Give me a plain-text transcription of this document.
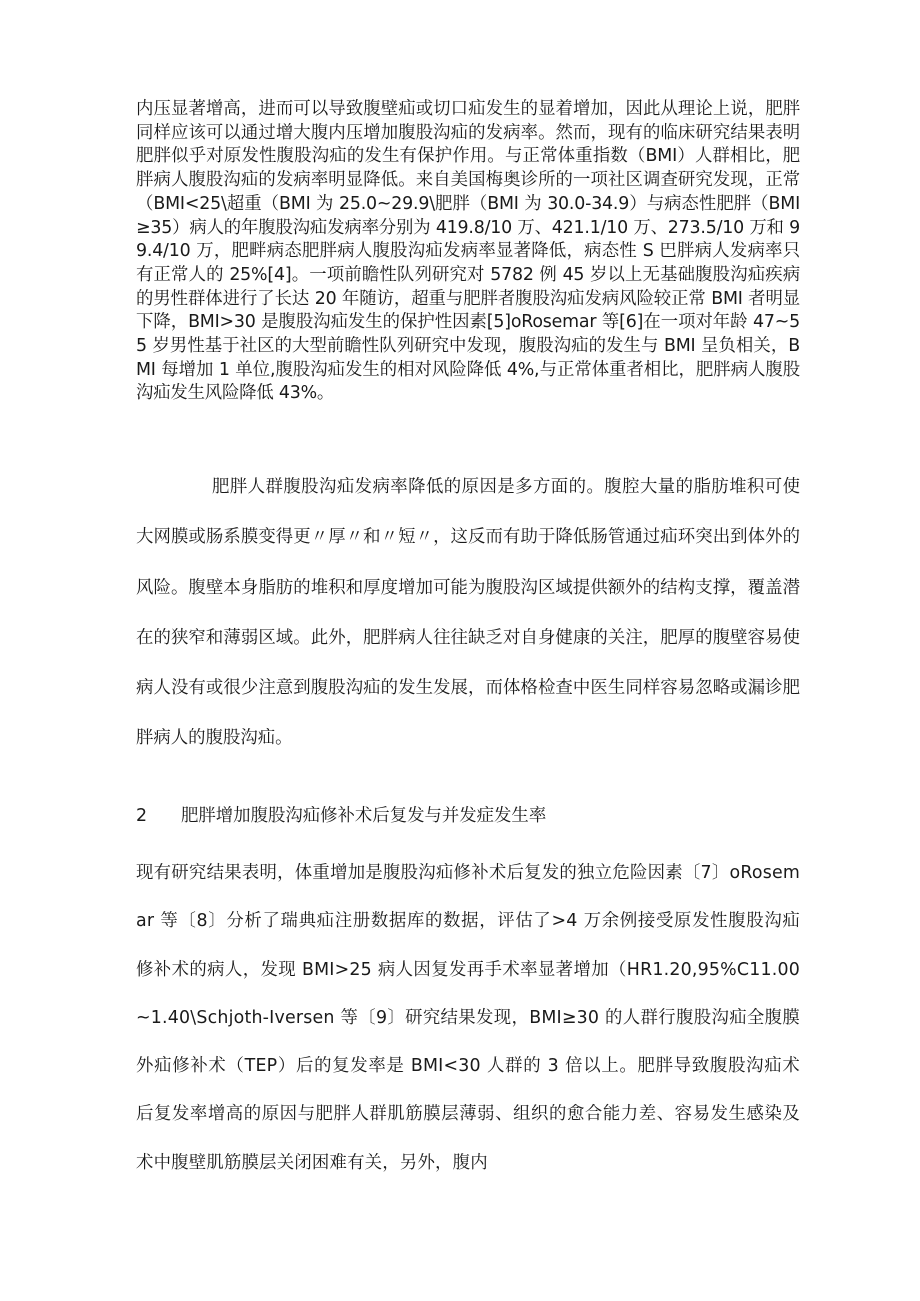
内压显著增高，进而可以导致腹壁疝或切口疝发生的显着增加，因此从理论上说，肥胖同样应该可以通过增大腹内压增加腹股沟疝的发病率。然而，现有的临床研究结果表明肥胖似乎对原发性腹股沟疝的发生有保护作用。与正常体重指数（BMI）人群相比，肥胖病人腹股沟疝的发病率明显降低。来自美国梅奥诊所的一项社区调查研究发现，正常（BMI<25\超重（BMI 为 25.0~29.9\肥胖（BMI 为 30.0-34.9）与病态性肥胖（BMI≥35）病人的年腹股沟疝发病率分别为 419.8/10 万、421.1/10 万、273.5/10 万和 99.4/10 万，肥畔病态肥胖病人腹股沟疝发病率显著降低，病态性 S 巴胖病人发病率只有正常人的 25%[4]。一项前瞻性队列研究对 5782 例 45 岁以上无基础腹股沟疝疾病的男性群体进行了长达 20 年随访，超重与肥胖者腹股沟疝发病风险较正常 BMI 者明显下降，BMI>30 是腹股沟疝发生的保护性因素[5]oRosemar 等[6]在一项对年龄 47~55 岁男性基于社区的大型前瞻性队列研究中发现，腹股沟疝的发生与 BMI 呈负相关，BMI 每增加 1 单位,腹股沟疝发生的相对风险降低 4%,与正常体重者相比，肥胖病人腹股沟疝发生风险降低 43%。
肥胖人群腹股沟疝发病率降低的原因是多方面的。腹腔大量的脂肪堆积可使大网膜或肠系膜变得更〃厚〃和〃短〃，这反而有助于降低肠管通过疝环突出到体外的风险。腹壁本身脂肪的堆积和厚度增加可能为腹股沟区域提供额外的结构支撑，覆盖潜在的狭窄和薄弱区域。此外，肥胖病人往往缺乏对自身健康的关注，肥厚的腹壁容易使病人没有或很少注意到腹股沟疝的发生发展，而体格检查中医生同样容易忽略或漏诊肥胖病人的腹股沟疝。
2 肥胖增加腹股沟疝修补术后复发与并发症发生率
现有研究结果表明，体重增加是腹股沟疝修补术后复发的独立危险因素〔7〕oRosemar 等〔8〕分析了瑞典疝注册数据库的数据，评估了>4 万余例接受原发性腹股沟疝修补术的病人，发现 BMI>25 病人因复发再手术率显著增加（HR1.20,95%C11.00~1.40\Schjoth-Iversen 等〔9〕研究结果发现，BMI≥30 的人群行腹股沟疝全腹膜外疝修补术（TEP）后的复发率是 BMI<30 人群的 3 倍以上。肥胖导致腹股沟疝术后复发率增高的原因与肥胖人群肌筋膜层薄弱、组织的愈合能力差、容易发生感染及术中腹壁肌筋膜层关闭困难有关，另外，腹内
